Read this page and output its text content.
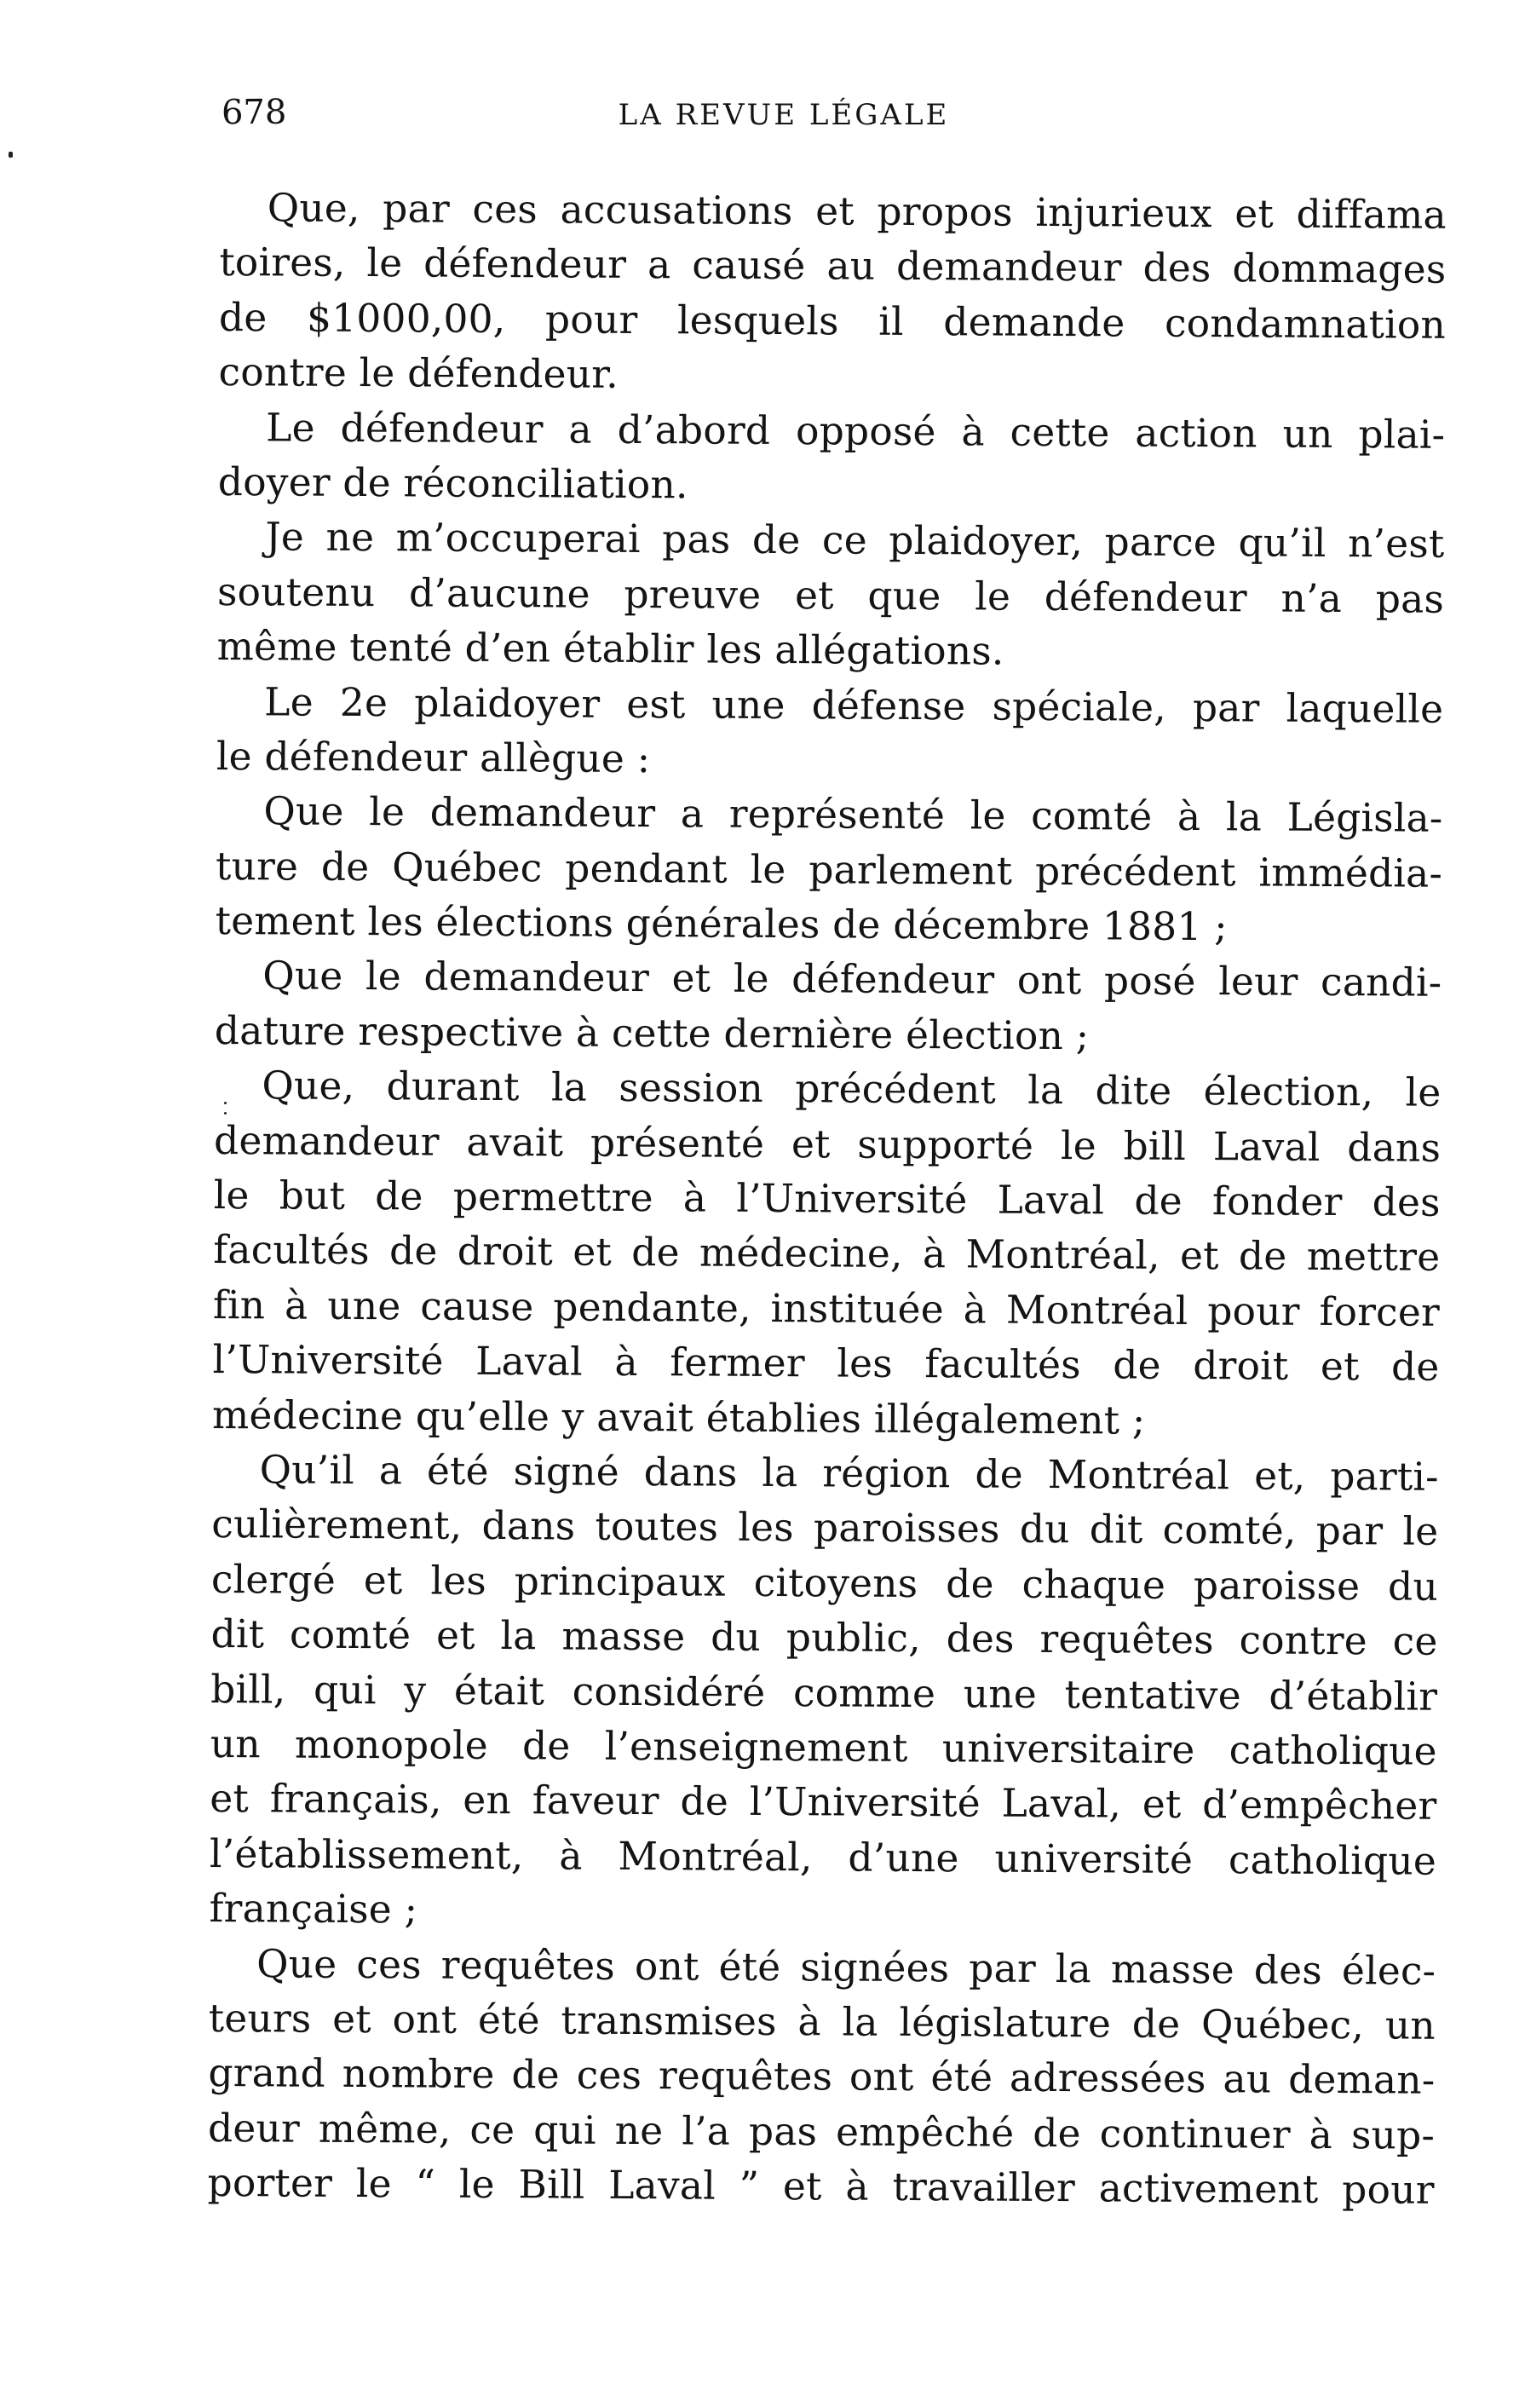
678	LA REVUE LÉGALE
Que, par ces accusations et propos injurieux et diffama
toires, le défendeur a causé au demandeur des dommages
de $1000,00, pour lesquels il demande condamnation
contre le défendeur.
Le défendeur a d’abord opposé à cette action un plai-
doyer de réconciliation.
Je ne m’occuperai pas de ce plaidoyer, parce qu’il n’est
soutenu d’aucune preuve et que le défendeur n’a pas
même tenté d’en établir les allégations.
Le 2e plaidoyer est une défense spéciale, par laquelle
le défendeur allègue :
Que le demandeur a représenté le comté à la Législa-
ture de Québec pendant le parlement précédent immédia-
tement les élections générales de décembre 1881 ;
Que le demandeur et le défendeur ont posé leur candi-
dature respective à cette dernière élection ;
Que, durant la session précédent la dite élection, le
demandeur avait présenté et supporté le bill Laval dans
le but de permettre à l’Université Laval de fonder des
facultés de droit et de médecine, à Montréal, et de mettre
fin à une cause pendante, instituée à Montréal pour forcer
l’Université Laval à fermer les facultés de droit et de
médecine qu’elle y avait établies illégalement ;
Qu’il a été signé dans la région de Montréal et, parti-
culièrement, dans toutes les paroisses du dit comté, par le
clergé et les principaux citoyens de chaque paroisse du
dit comté et la masse du public, des requêtes contre ce
bill, qui y était considéré comme une tentative d’établir
un monopole de l’enseignement universitaire catholique
et français, en faveur de l’Université Laval, et d’empêcher
l’établissement, à Montréal, d’une université catholique
française ;
Que ces requêtes ont été signées par la masse des élec-
teurs et ont été transmises à la législature de Québec, un
grand nombre de ces requêtes ont été adressées au deman-
deur même, ce qui ne l’a pas empêché de continuer à sup-
porter le “ le Bill Laval ” et à travailler activement pour
